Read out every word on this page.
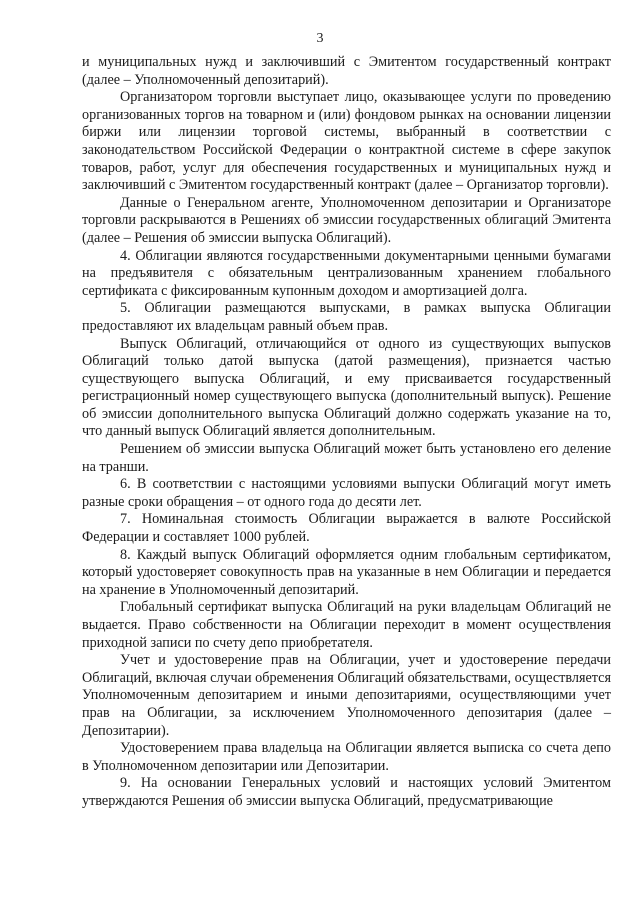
3

и муниципальных нужд и заключивший с Эмитентом государственный контракт (далее – Уполномоченный депозитарий).

Организатором торговли выступает лицо, оказывающее услуги по проведению организованных торгов на товарном и (или) фондовом рынках на основании лицензии биржи или лицензии торговой системы, выбранный в соответствии с законодательством Российской Федерации о контрактной системе в сфере закупок товаров, работ, услуг для обеспечения государственных и муниципальных нужд и заключивший с Эмитентом государственный контракт (далее – Организатор торговли).

Данные о Генеральном агенте, Уполномоченном депозитарии и Организаторе торговли раскрываются в Решениях об эмиссии государственных облигаций Эмитента (далее – Решения об эмиссии выпуска Облигаций).

4. Облигации являются государственными документарными ценными бумагами на предъявителя с обязательным централизованным хранением глобального сертификата с фиксированным купонным доходом и амортизацией долга.

5. Облигации размещаются выпусками, в рамках выпуска Облигации предоставляют их владельцам равный объем прав.

Выпуск Облигаций, отличающийся от одного из существующих выпусков Облигаций только датой выпуска (датой размещения), признается частью существующего выпуска Облигаций, и ему присваивается государственный регистрационный номер существующего выпуска (дополнительный выпуск). Решение об эмиссии дополнительного выпуска Облигаций должно содержать указание на то, что данный выпуск Облигаций является дополнительным.

Решением об эмиссии выпуска Облигаций может быть установлено его деление на транши.

6. В соответствии с настоящими условиями выпуски Облигаций могут иметь разные сроки обращения – от одного года до десяти лет.

7. Номинальная стоимость Облигации выражается в валюте Российской Федерации и составляет 1000 рублей.

8. Каждый выпуск Облигаций оформляется одним глобальным сертификатом, который удостоверяет совокупность прав на указанные в нем Облигации и передается на хранение в Уполномоченный депозитарий.

Глобальный сертификат выпуска Облигаций на руки владельцам Облигаций не выдается. Право собственности на Облигации переходит в момент осуществления приходной записи по счету депо приобретателя.

Учет и удостоверение прав на Облигации, учет и удостоверение передачи Облигаций, включая случаи обременения Облигаций обязательствами, осуществляется Уполномоченным депозитарием и иными депозитариями, осуществляющими учет прав на Облигации, за исключением Уполномоченного депозитария (далее – Депозитарии).

Удостоверением права владельца на Облигации является выписка со счета депо в Уполномоченном депозитарии или Депозитарии.

9. На основании Генеральных условий и настоящих условий Эмитентом утверждаются Решения об эмиссии выпуска Облигаций, предусматривающие
